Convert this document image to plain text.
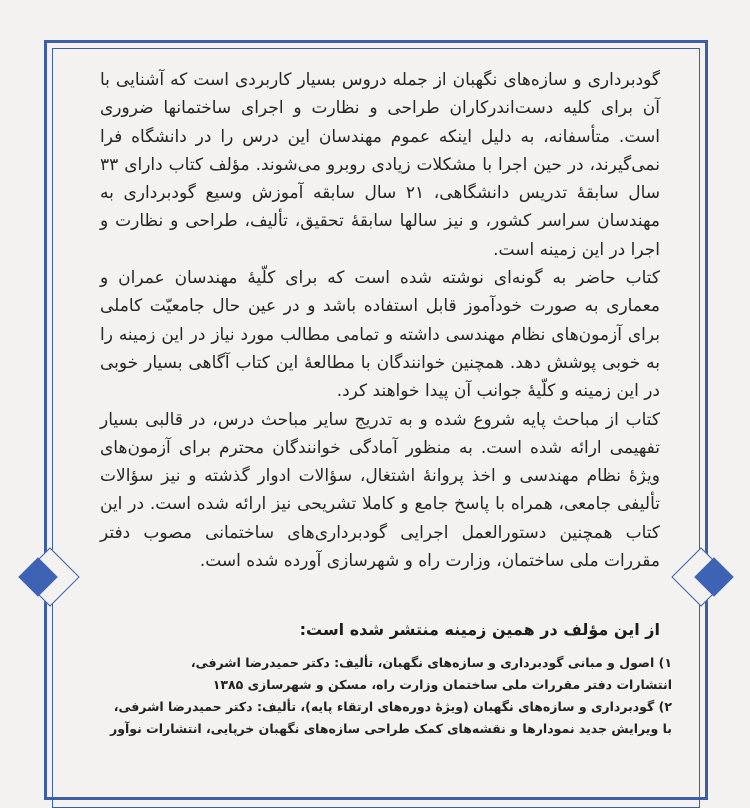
گودبرداری و سازه‌های نگهبان از جمله دروس بسیار کاربردی است که آشنایی با آن برای کلیه دست‌اندرکاران طراحی و نظارت و اجرای ساختمانها ضروری است. متأسفانه، به دلیل اینکه عموم مهندسان این درس را در دانشگاه فرا نمی‌گیرند، در حین اجرا با مشکلات زیادی روبرو می‌شوند. مؤلف کتاب دارای ۳۳ سال سابقهٔ تدریس دانشگاهی، ۲۱ سال سابقه آموزش وسیع گودبرداری به مهندسان سراسر کشور، و نیز سالها سابقهٔ تحقیق، تألیف، طراحی و نظارت و اجرا در این زمینه است.

کتاب حاضر به گونه‌ای نوشته شده است که برای کلّیهٔ مهندسان عمران و معماری به صورت خودآموز قابل استفاده باشد و در عین حال جامعیّت کاملی برای آزمون‌های نظام مهندسی داشته و تمامی مطالب مورد نیاز در این زمینه را به خوبی پوشش دهد. همچنین خوانندگان با مطالعهٔ این کتاب آگاهی بسیار خوبی در این زمینه و کلّیهٔ جوانب آن پیدا خواهند کرد.

کتاب از مباحث پایه شروع شده و به تدریج سایر مباحث درس، در قالبی بسیار تفهیمی ارائه شده است. به منظور آمادگی خوانندگان محترم برای آزمون‌های ویژهٔ نظام مهندسی و اخذ پروانهٔ اشتغال، سؤالات ادوار گذشته و نیز سؤالات تألیفی جامعی، همراه با پاسخ جامع و کاملا تشریحی نیز ارائه شده است. در این کتاب همچنین دستورالعمل اجرایی گودبرداری‌های ساختمانی مصوب دفتر مقررات ملی ساختمان، وزارت راه و شهرسازی آورده شده است.

از این مؤلف در همین زمینه منتشر شده است:
۱) اصول و مبانی گودبرداری و سازه‌های نگهبان، تألیف: دکتر حمیدرضا اشرفی،
انتشارات دفتر مقررات ملی ساختمان وزارت راه، مسکن و شهرسازی ۱۳۸۵
۲) گودبرداری و سازه‌های نگهبان (ویژهٔ دوره‌های ارتقاء پایه)، تألیف: دکتر حمیدرضا اشرفی،
با ویرایش جدید نمودارها و نقشه‌های کمک طراحی سازه‌های نگهبان خرپایی، انتشارات نوآور
